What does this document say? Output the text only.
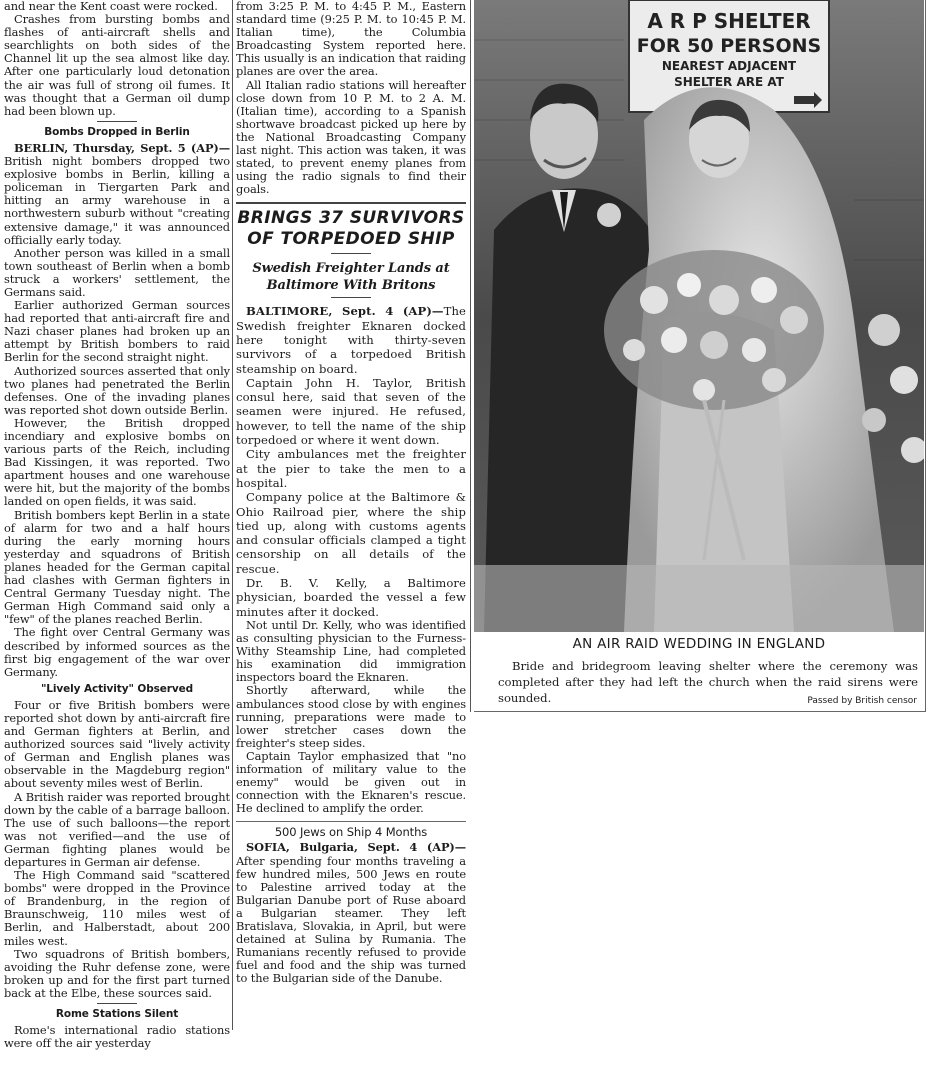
and near the Kent coast were rocked.

Crashes from bursting bombs and flashes of anti-aircraft shells and searchlights on both sides of the Channel lit up the sea almost like day. After one particularly loud detonation the air was full of strong oil fumes. It was thought that a German oil dump had been blown up.

Bombs Dropped in Berlin

BERLIN, Thursday, Sept. 5 (AP)—British night bombers dropped two explosive bombs in Berlin, killing a policeman in Tiergarten Park and hitting an army warehouse in a northwestern suburb without "creating extensive damage," it was announced officially early today.

Another person was killed in a small town southeast of Berlin when a bomb struck a workers' settlement, the Germans said.

Earlier authorized German sources had reported that anti-aircraft fire and Nazi chaser planes had broken up an attempt by British bombers to raid Berlin for the second straight night.

Authorized sources asserted that only two planes had penetrated the Berlin defenses. One of the invading planes was reported shot down outside Berlin.

However, the British dropped incendiary and explosive bombs on various parts of the Reich, including Bad Kissingen, it was reported. Two apartment houses and one warehouse were hit, but the majority of the bombs landed on open fields, it was said.

British bombers kept Berlin in a state of alarm for two and a half hours during the early morning hours yesterday and squadrons of British planes headed for the German capital had clashes with German fighters in Central Germany Tuesday night. The German High Command said only a "few" of the planes reached Berlin.

The fight over Central Germany was described by informed sources as the first big engagement of the war over Germany.

"Lively Activity" Observed

Four or five British bombers were reported shot down by anti-aircraft fire and German fighters at Berlin, and authorized sources said "lively activity of German and English planes was observable in the Magdeburg region" about seventy miles west of Berlin.

A British raider was reported brought down by the cable of a barrage balloon. The use of such balloons—the report was not verified—and the use of German fighting planes would be departures in German air defense.

The High Command said "scattered bombs" were dropped in the Province of Brandenburg, in the region of Braunschweig, 110 miles west of Berlin, and Halberstadt, about 200 miles west.

Two squadrons of British bombers, avoiding the Ruhr defense zone, were broken up and for the first part turned back at the Elbe, these sources said.

Rome Stations Silent

Rome's international radio stations were off the air yesterday

from 3:25 P. M. to 4:45 P. M., Eastern standard time (9:25 P. M. to 10:45 P. M. Italian time), the Columbia Broadcasting System reported here. This usually is an indication that raiding planes are over the area.

All Italian radio stations will hereafter close down from 10 P. M. to 2 A. M. (Italian time), according to a Spanish shortwave broadcast picked up here by the National Broadcasting Company last night. This action was taken, it was stated, to prevent enemy planes from using the radio signals to find their goals.

BRINGS 37 SURVIVORS OF TORPEDOED SHIP
Swedish Freighter Lands at Baltimore With Britons

BALTIMORE, Sept. 4 (AP)—The Swedish freighter Eknaren docked here tonight with thirty-seven survivors of a torpedoed British steamship on board.

Captain John H. Taylor, British consul here, said that seven of the seamen were injured. He refused, however, to tell the name of the ship torpedoed or where it went down.

City ambulances met the freighter at the pier to take the men to a hospital.

Company police at the Baltimore & Ohio Railroad pier, where the ship tied up, along with customs agents and consular officials clamped a tight censorship on all details of the rescue.

Dr. B. V. Kelly, a Baltimore physician, boarded the vessel a few minutes after it docked.

Not until Dr. Kelly, who was identified as consulting physician to the Furness-Withy Steamship Line, had completed his examination did immigration inspectors board the Eknaren.

Shortly afterward, while the ambulances stood close by with engines running, preparations were made to lower stretcher cases down the freighter's steep sides.

Captain Taylor emphasized that "no information of military value to the enemy" would be given out in connection with the Eknaren's rescue. He declined to amplify the order.

500 Jews on Ship 4 Months

SOFIA, Bulgaria, Sept. 4 (AP)—After spending four months traveling a few hundred miles, 500 Jews en route to Palestine arrived today at the Bulgarian Danube port of Ruse aboard a Bulgarian steamer. They left Bratislava, Slovakia, in April, but were detained at Sulina by Rumania. The Rumanians recently refused to provide fuel and food and the ship was turned to the Bulgarian side of the Danube.

A R P SHELTER
FOR 50 PERSONS
NEAREST ADJACENT
SHELTER ARE AT
AN AIR RAID WEDDING IN ENGLAND
Bride and bridegroom leaving shelter where the ceremony was completed after they had left the church when the raid sirens were sounded.	Passed by British censor
